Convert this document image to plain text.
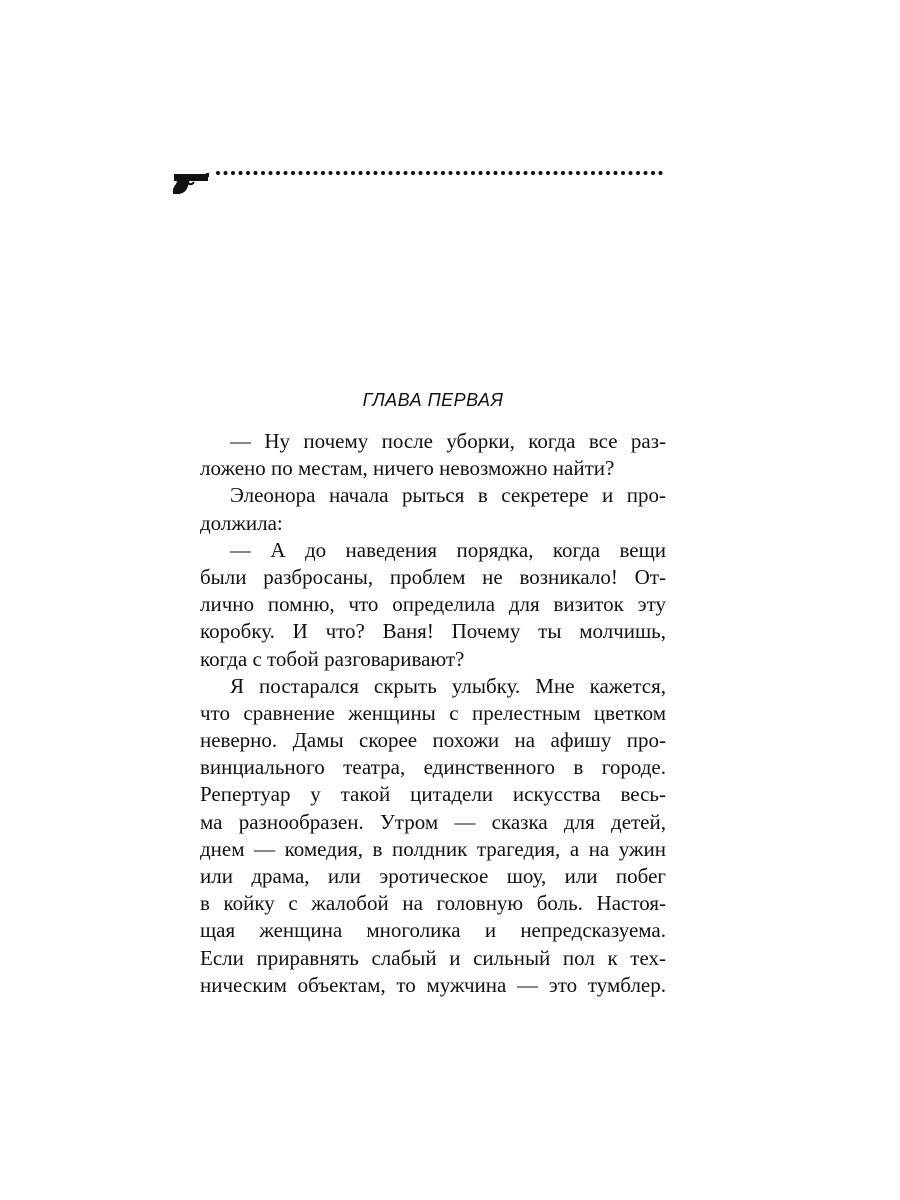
ГЛАВА ПЕРВАЯ
— Ну почему после уборки, когда все раз-
ложено по местам, ничего невозможно найти?
Элеонора начала рыться в секретере и про-
должила:
— А до наведения порядка, когда вещи
были разбросаны, проблем не возникало! От-
лично помню, что определила для визиток эту
коробку. И что? Ваня! Почему ты молчишь,
когда с тобой разговаривают?
Я постарался скрыть улыбку. Мне кажется,
что сравнение женщины с прелестным цветком
неверно. Дамы скорее похожи на афишу про-
винциального театра, единственного в городе.
Репертуар у такой цитадели искусства весь-
ма разнообразен. Утром — сказка для детей,
днем — комедия, в полдник трагедия, а на ужин
или драма, или эротическое шоу, или побег
в койку с жалобой на головную боль. Настоя-
щая женщина многолика и непредсказуема.
Если приравнять слабый и сильный пол к тех-
ническим объектам, то мужчина — это тумблер.
